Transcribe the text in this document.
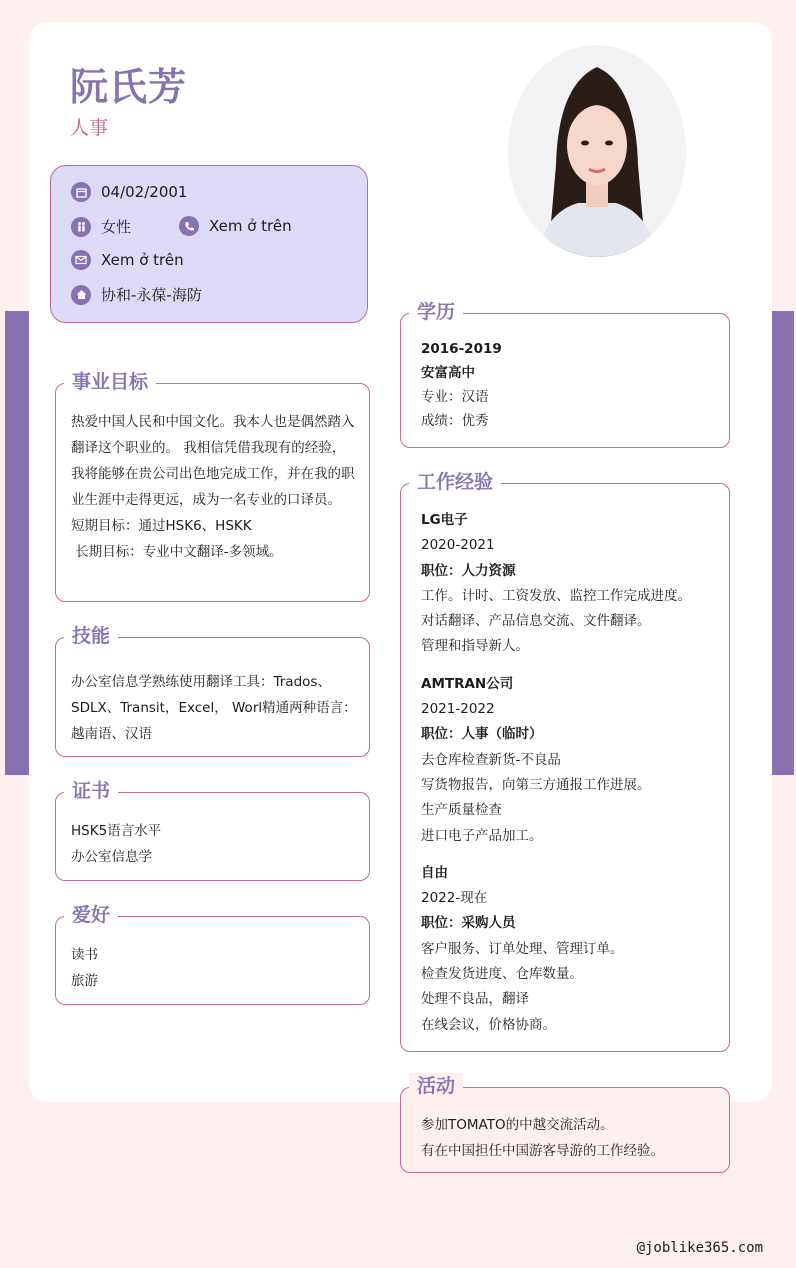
阮氏芳
人事
04/02/2001
女性	Xem ở trên
Xem ở trên
协和-永葆-海防
事业目标

热爱中国人民和中国文化。我本人也是偶然踏入翻译这个职业的。 我相信凭借我现有的经验，我将能够在贵公司出色地完成工作，并在我的职业生涯中走得更远，成为一名专业的口译员。

短期目标：通过HSK6、HSKK

长期目标：专业中文翻译-多领域。

技能

办公室信息学熟练使用翻译工具：Trados、SDLX、Transit，Excel， Worl精通两种语言：越南语、汉语

证书

HSK5语言水平

办公室信息学

爱好

读书

旅游

学历

2016-2019

安富高中

专业：汉语

成绩：优秀

工作经验

LG电子

2020-2021

职位：人力资源

工作。计时、工资发放、监控工作完成进度。

对话翻译、产品信息交流、文件翻译。

管理和指导新人。

AMTRAN公司

2021-2022

职位：人事（临时）

去仓库检查新货-不良品

写货物报告，向第三方通报工作进展。

生产质量检查

进口电子产品加工。

自由

2022-现在

职位：采购人员

客户服务、订单处理、管理订单。

检查发货进度、仓库数量。

处理不良品，翻译

在线会议，价格协商。

活动

参加TOMATO的中越交流活动。

有在中国担任中国游客导游的工作经验。

@joblike365.com
